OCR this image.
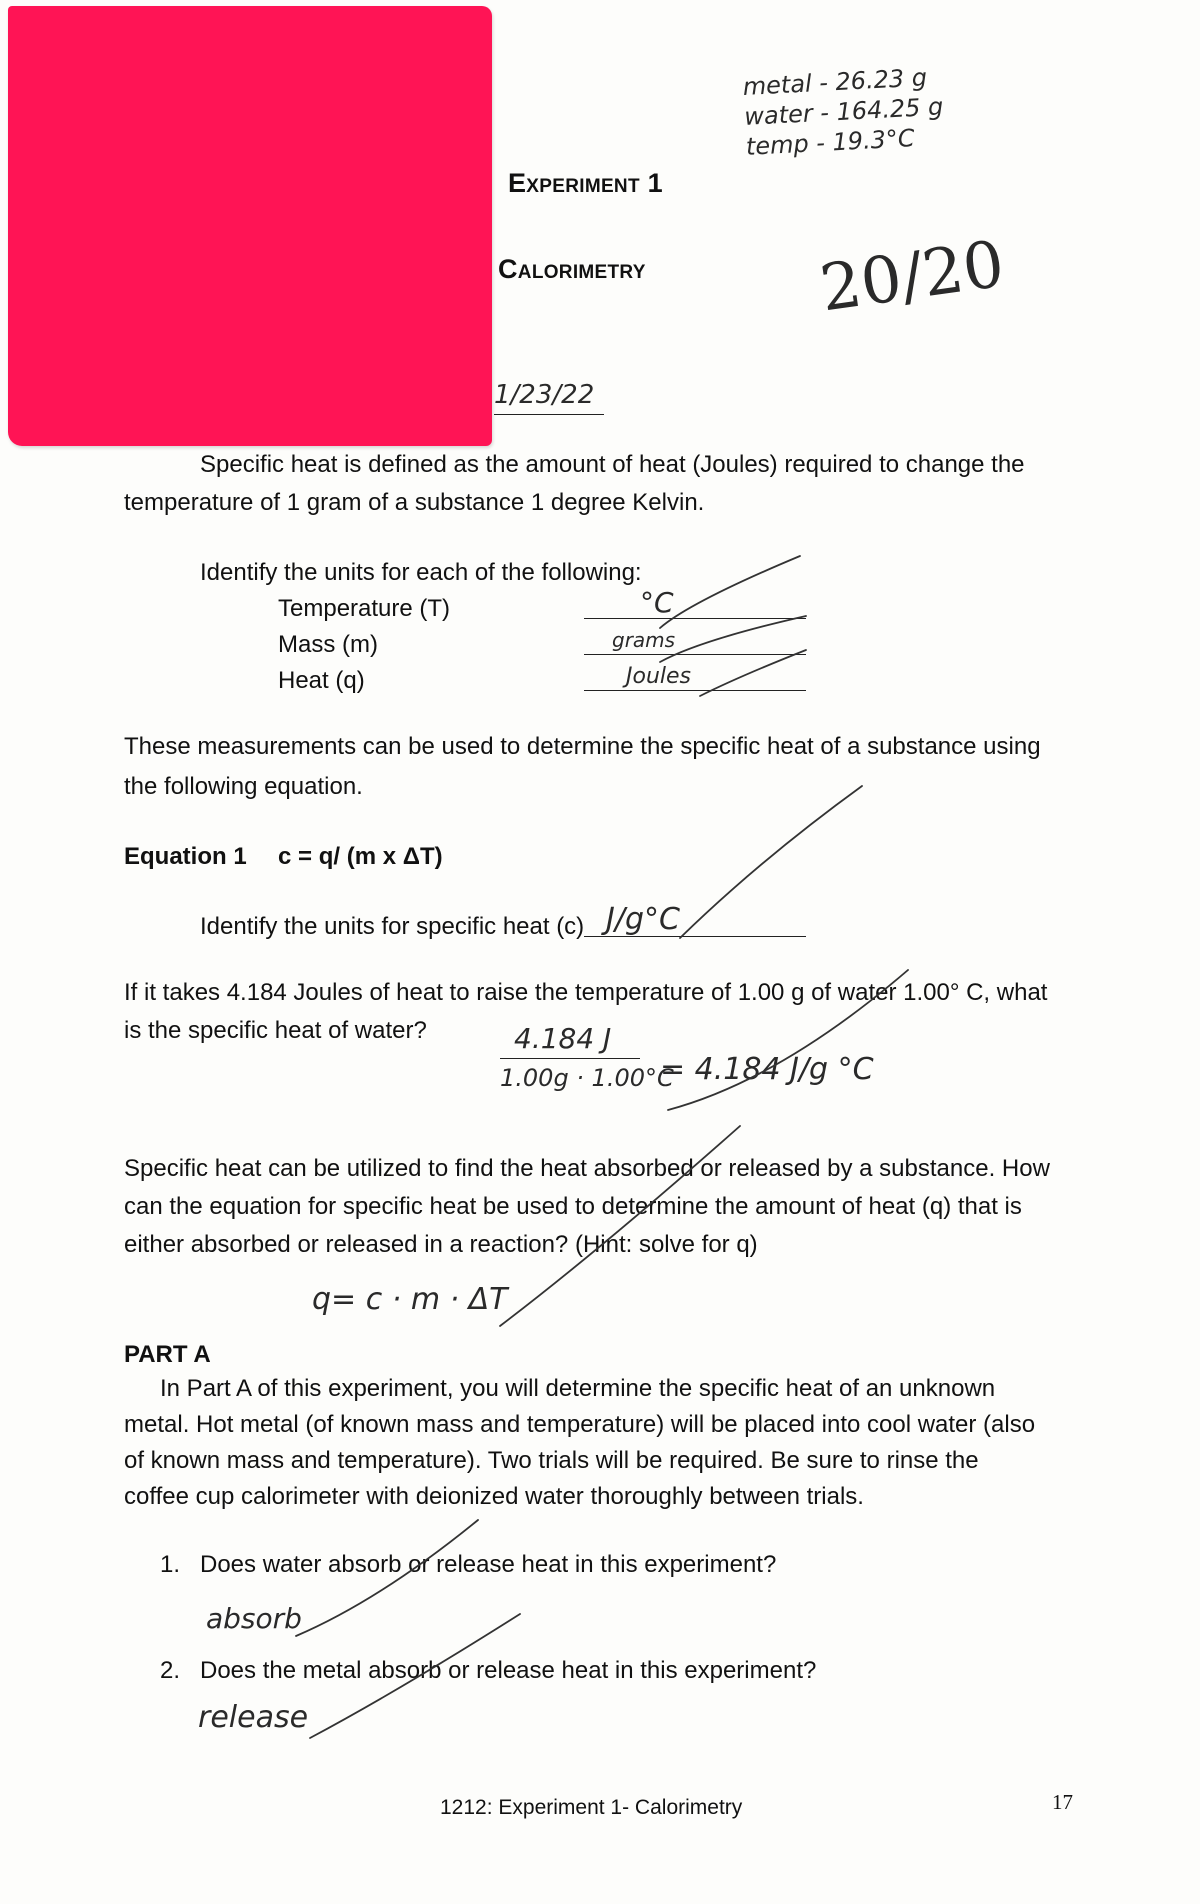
metal - 26.23 g
water - 164.25 g
temp - 19.3°C
Experiment 1
Calorimetry	20/20
1/23/22
Specific heat is defined as the amount of heat (Joules) required to change the
temperature of 1 gram of a substance 1 degree Kelvin.
Identify the units for each of the following:
Temperature (T)	°C
Mass (m)	grams
Heat (q)	Joules
These measurements can be used to determine the specific heat of a substance using
the following equation.
Equation 1 c = q/ (m x ΔT)
Identify the units for specific heat (c) J/g°C
If it takes 4.184 Joules of heat to raise the temperature of 1.00 g of water 1.00° C, what
is the specific heat of water?	4.184 J
1.00g · 1.00°C
= 4.184 J/g °C
Specific heat can be utilized to find the heat absorbed or released by a substance. How
can the equation for specific heat be used to determine the amount of heat (q) that is
either absorbed or released in a reaction? (Hint: solve for q)
q= c · m · ΔT
PART A
In Part A of this experiment, you will determine the specific heat of an unknown
metal. Hot metal (of known mass and temperature) will be placed into cool water (also
of known mass and temperature). Two trials will be required. Be sure to rinse the
coffee cup calorimeter with deionized water thoroughly between trials.
1. Does water absorb or release heat in this experiment?
absorb
2. Does the metal absorb or release heat in this experiment?
release
1212: Experiment 1- Calorimetry	17
